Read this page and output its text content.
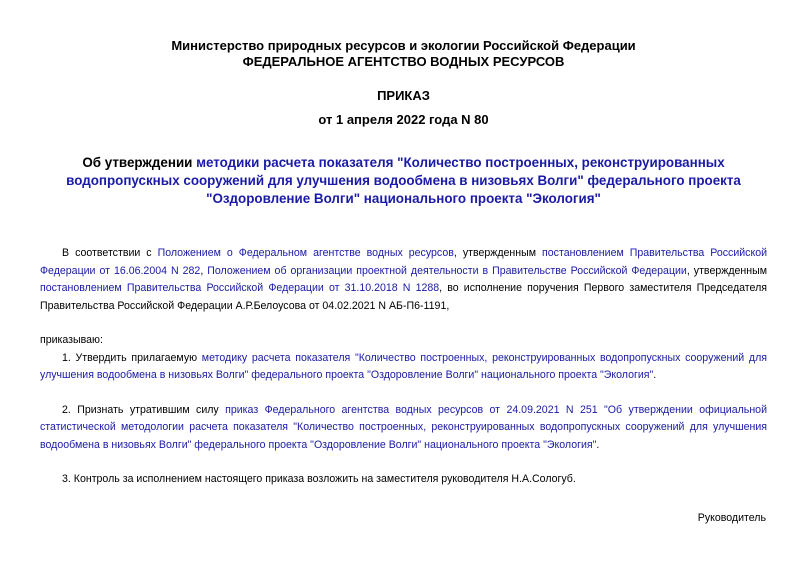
Министерство природных ресурсов и экологии Российской Федерации
ФЕДЕРАЛЬНОЕ АГЕНТСТВО ВОДНЫХ РЕСУРСОВ
ПРИКАЗ
от 1 апреля 2022 года N 80
Об утверждении методики расчета показателя "Количество построенных, реконструированных водопропускных сооружений для улучшения водообмена в низовьях Волги" федерального проекта "Оздоровление Волги" национального проекта "Экология"

В соответствии с Положением о Федеральном агентстве водных ресурсов, утвержденным постановлением Правительства Российской Федерации от 16.06.2004 N 282, Положением об организации проектной деятельности в Правительстве Российской Федерации, утвержденным постановлением Правительства Российской Федерации от 31.10.2018 N 1288, во исполнение поручения Первого заместителя Председателя Правительства Российской Федерации А.Р.Белоусова от 04.02.2021 N АБ-П6-1191,

приказываю:

1. Утвердить прилагаемую методику расчета показателя "Количество построенных, реконструированных водопропускных сооружений для улучшения водообмена в низовьях Волги" федерального проекта "Оздоровление Волги" национального проекта "Экология".

2. Признать утратившим силу приказ Федерального агентства водных ресурсов от 24.09.2021 N 251 "Об утверждении официальной статистической методологии расчета показателя "Количество построенных, реконструированных водопропускных сооружений для улучшения водообмена в низовьях Волги" федерального проекта "Оздоровление Волги" национального проекта "Экология".

3. Контроль за исполнением настоящего приказа возложить на заместителя руководителя Н.А.Сологуб.

Руководитель
